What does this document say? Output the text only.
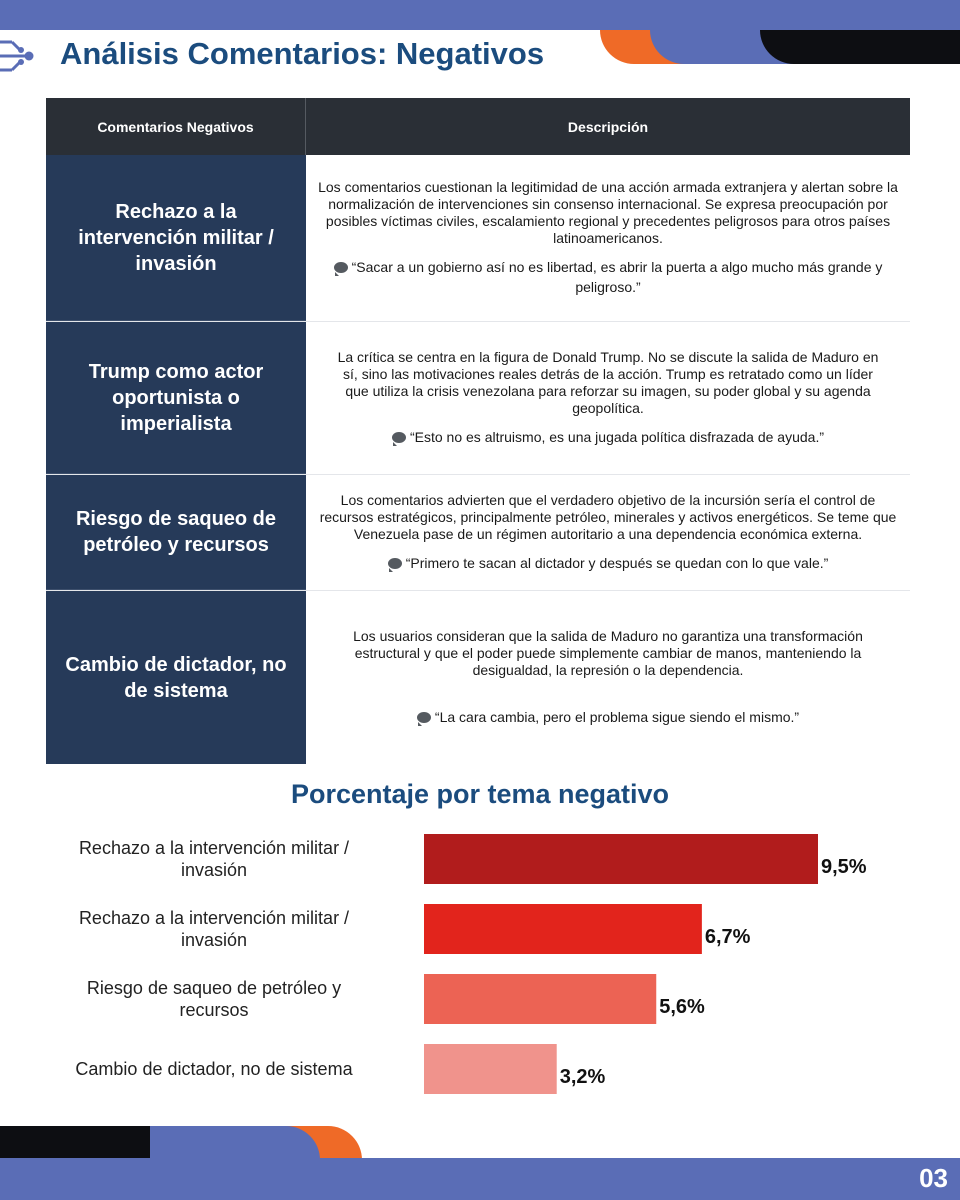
Análisis Comentarios: Negativos
Comentarios Negativos	Descripción
Rechazo a la intervención militar / invasión

Los comentarios cuestionan la legitimidad de una acción armada extranjera y alertan sobre la normalización de intervenciones sin consenso internacional. Se expresa preocupación por posibles víctimas civiles, escalamiento regional y precedentes peligrosos para otros países latinoamericanos.

“Sacar a un gobierno así no es libertad, es abrir la puerta a algo mucho más grande y peligroso.”

Trump como actor oportunista o imperialista

La crítica se centra en la figura de Donald Trump. No se discute la salida de Maduro en sí, sino las motivaciones reales detrás de la acción. Trump es retratado como un líder que utiliza la crisis venezolana para reforzar su imagen, su poder global y su agenda geopolítica.

“Esto no es altruismo, es una jugada política disfrazada de ayuda.”

Riesgo de saqueo de petróleo y recursos

Los comentarios advierten que el verdadero objetivo de la incursión sería el control de recursos estratégicos, principalmente petróleo, minerales y activos energéticos. Se teme que Venezuela pase de un régimen autoritario a una dependencia económica externa.

“Primero te sacan al dictador y después se quedan con lo que vale.”

Cambio de dictador, no de sistema

Los usuarios consideran que la salida de Maduro no garantiza una transformación estructural y que el poder puede simplemente cambiar de manos, manteniendo la desigualdad, la represión o la dependencia.

“La cara cambia, pero el problema sigue siendo el mismo.”

Porcentaje por tema negativo
9,5%
Rechazo a la intervención militar / invasión
6,7%
Rechazo a la intervención militar / invasión
5,6%
Riesgo de saqueo de petróleo y recursos
3,2%
Cambio de dictador, no de sistema
03
